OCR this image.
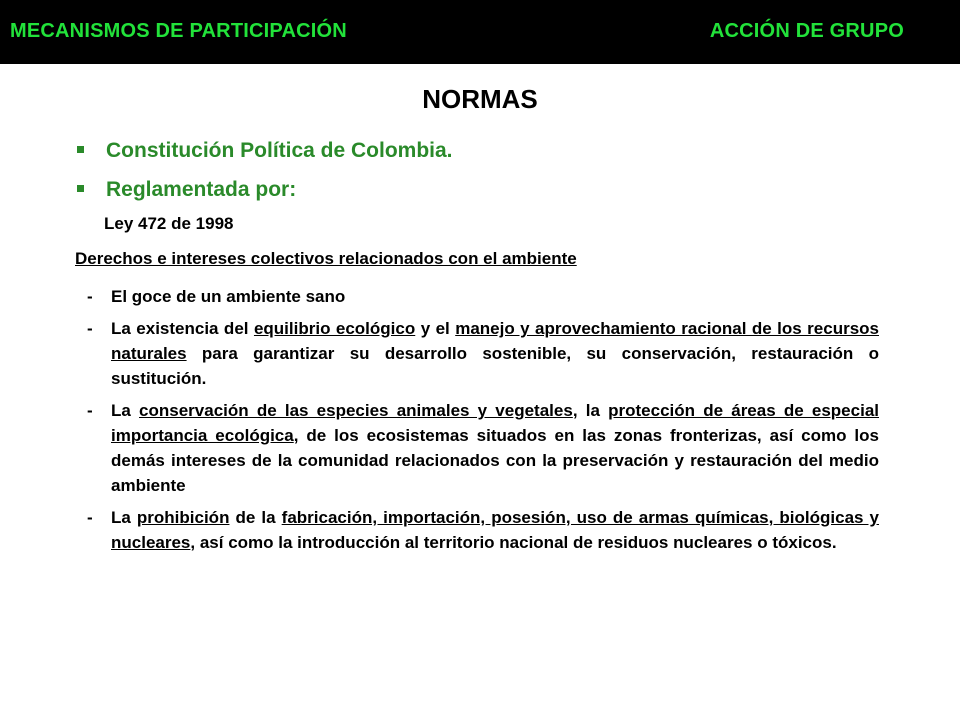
MECANISMOS DE PARTICIPACIÓN	ACCIÓN DE GRUPO
NORMAS
Constitución Política de Colombia.
Reglamentada por:
Ley 472 de 1998
Derechos e intereses colectivos relacionados con el ambiente
- El goce de un ambiente sano
- La existencia del equilibrio ecológico y el manejo y aprovechamiento racional de los recursos naturales para garantizar su desarrollo sostenible, su conservación, restauración o sustitución.
- La conservación de las especies animales y vegetales, la protección de áreas de especial importancia ecológica, de los ecosistemas situados en las zonas fronterizas, así como los demás intereses de la comunidad relacionados con la preservación y restauración del medio ambiente
- La prohibición de la fabricación, importación, posesión, uso de armas químicas, biológicas y nucleares, así como la introducción al territorio nacional de residuos nucleares o tóxicos.
